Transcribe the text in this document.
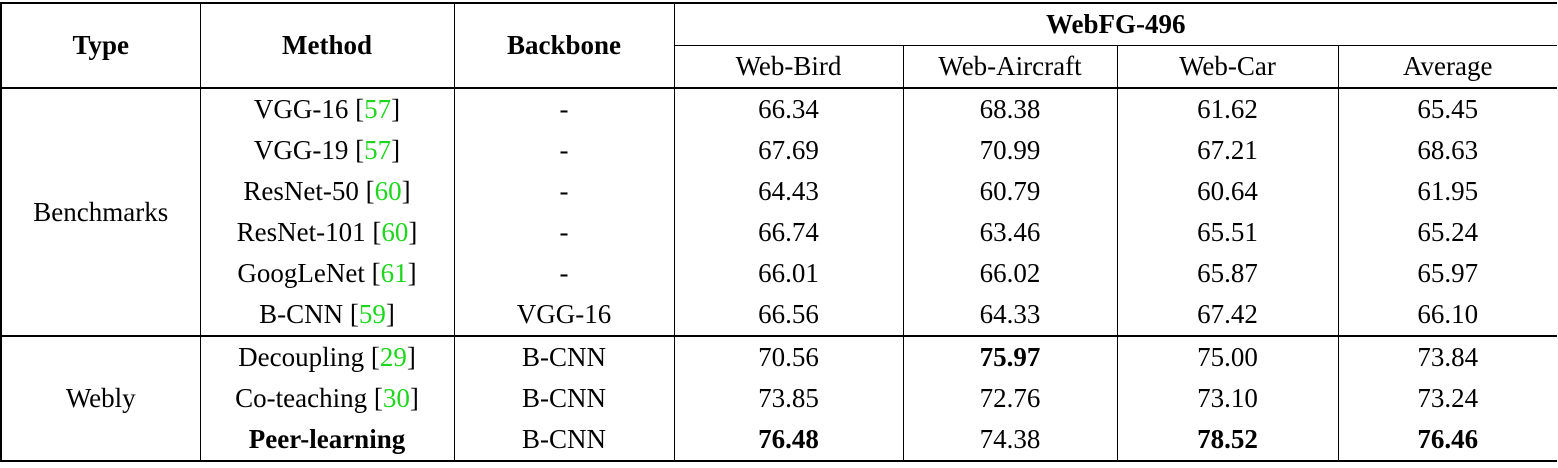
Type	Method	Backbone	WebFG-496			
			Web-Bird	Web-Aircraft	Web-Car	Average
Benchmarks	VGG-16 [57]	-	66.34	68.38	61.62	65.45
	VGG-19 [57]	-	67.69	70.99	67.21	68.63
	ResNet-50 [60]	-	64.43	60.79	60.64	61.95
	ResNet-101 [60]	-	66.74	63.46	65.51	65.24
	GoogLeNet [61]	-	66.01	66.02	65.87	65.97
	B-CNN [59]	VGG-16	66.56	64.33	67.42	66.10
Webly	Decoupling [29]	B-CNN	70.56	75.97	75.00	73.84
	Co-teaching [30]	B-CNN	73.85	72.76	73.10	73.24
	Peer-learning	B-CNN	76.48	74.38	78.52	76.46
